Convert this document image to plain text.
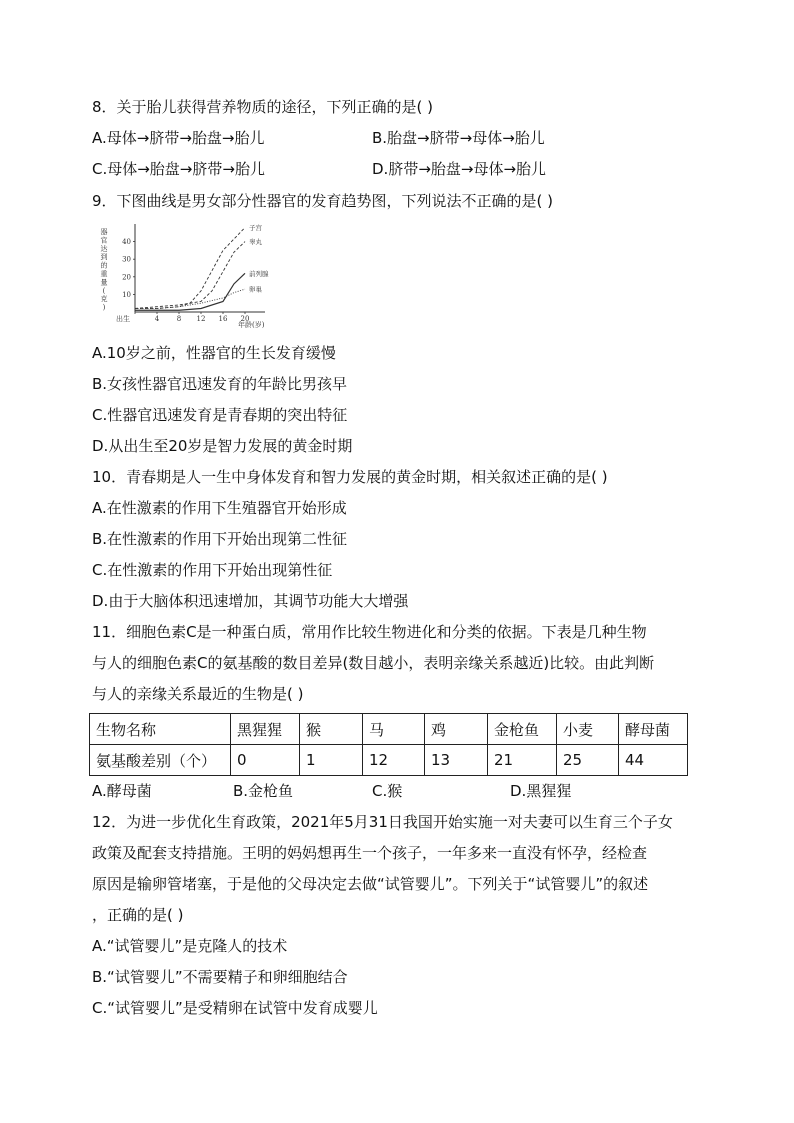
8．关于胎儿获得营养物质的途径，下列正确的是( )
A.母体→脐带→胎盘→胎儿	B.胎盘→脐带→母体→胎儿
C.母体→胎盘→脐带→胎儿	D.脐带→胎盘→母体→胎儿
9．下图曲线是男女部分性器官的发育趋势图，下列说法不正确的是( )
器
官
达
到
的
重
量
(
克
)
10
20
30
40
出生	4	8 12 16 20
子宫
睾丸
前列腺
卵巢
年龄(岁)
A.10岁之前，性器官的生长发育缓慢
B.女孩性器官迅速发育的年龄比男孩早
C.性器官迅速发育是青春期的突出特征
D.从出生至20岁是智力发展的黄金时期
10．青春期是人一生中身体发育和智力发展的黄金时期，相关叙述正确的是( )
A.在性激素的作用下生殖器官开始形成
B.在性激素的作用下开始出现第二性征
C.在性激素的作用下开始出现第性征
D.由于大脑体积迅速增加，其调节功能大大增强
11．细胞色素C是一种蛋白质，常用作比较生物进化和分类的依据。下表是几种生物
与人的细胞色素C的氨基酸的数目差异(数目越小，表明亲缘关系越近)比较。由此判断
与人的亲缘关系最近的生物是( )
生物名称	黑猩猩	猴	马	鸡	金枪鱼	小麦	酵母菌
氨基酸差别（个）	0	1	12	13	21	25	44
A.酵母菌	B.金枪鱼	C.猴	D.黑猩猩
12．为进一步优化生育政策，2021年5月31日我国开始实施一对夫妻可以生育三个子女
政策及配套支持措施。王明的妈妈想再生一个孩子，一年多来一直没有怀孕，经检查
原因是输卵管堵塞，于是他的父母决定去做“试管婴儿”。下列关于“试管婴儿”的叙述
，正确的是( )
A.“试管婴儿”是克隆人的技术
B.“试管婴儿”不需要精子和卵细胞结合
C.“试管婴儿”是受精卵在试管中发育成婴儿
